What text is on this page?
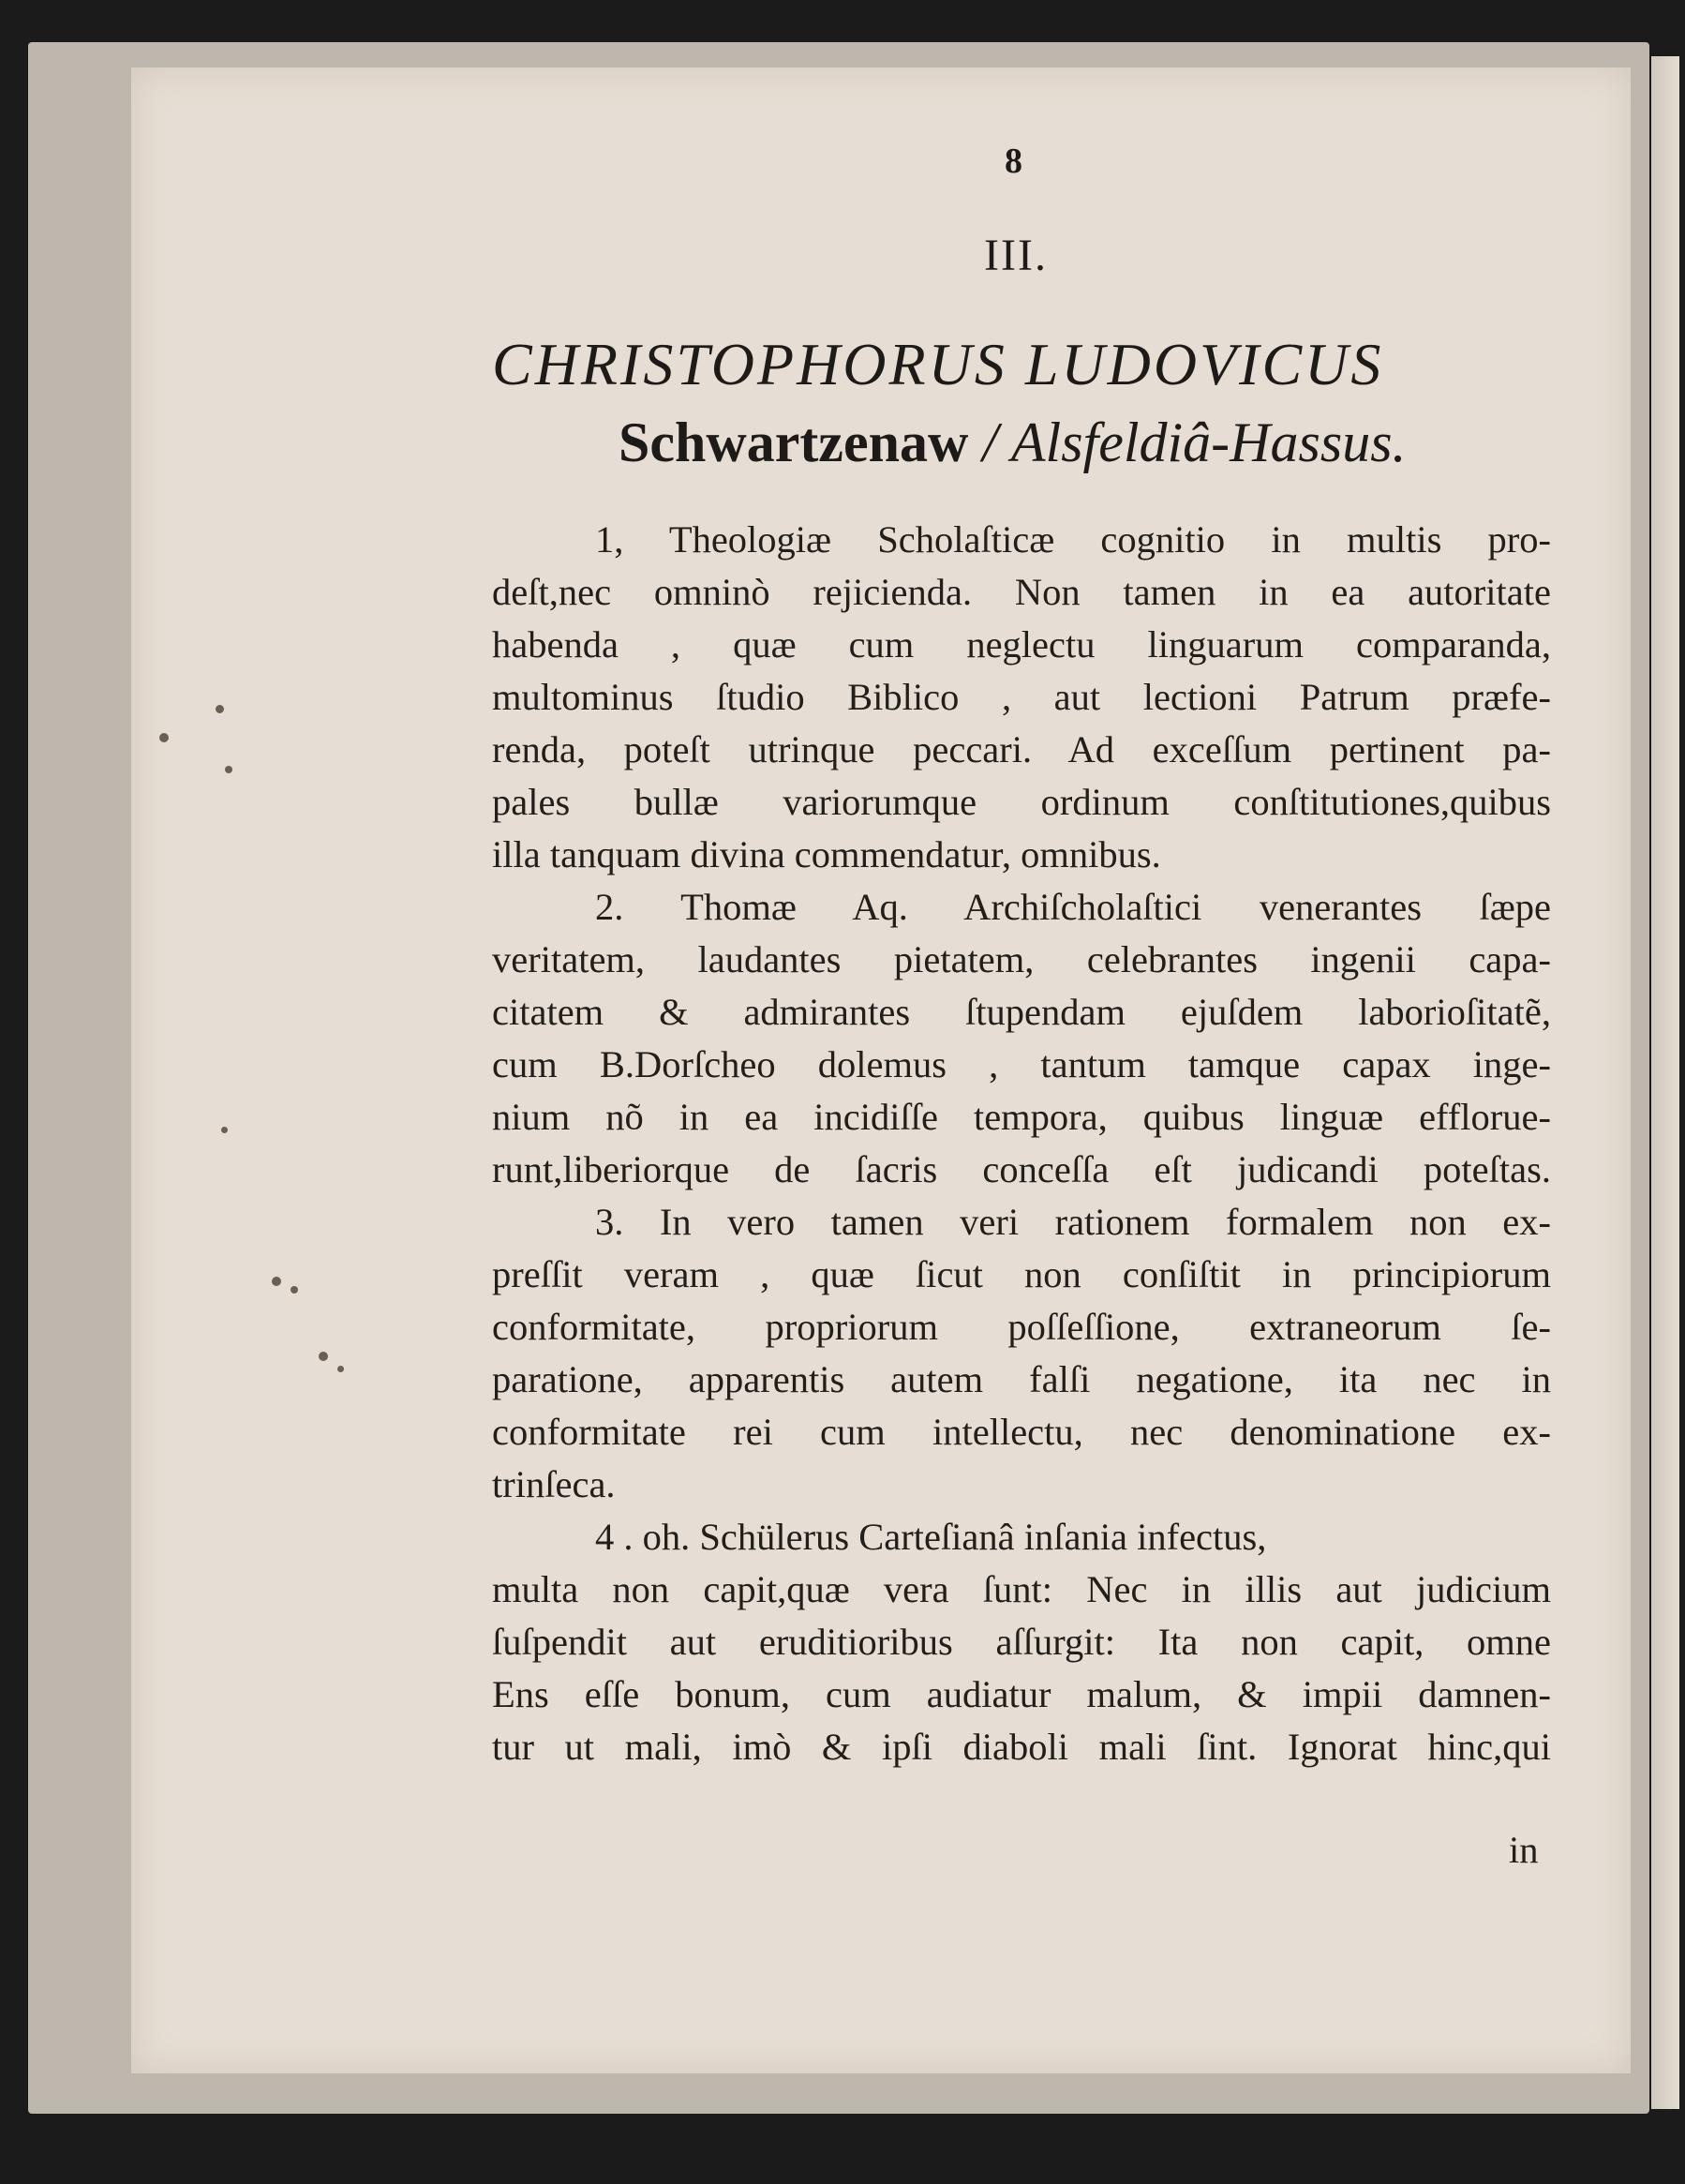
8
III.
CHRISTOPHORUS LUDOVICUS
Schwartzenaw / Alsfeldiâ-Hassus.
1, Theologiæ Scholaſticæ cognitio in multis pro-
deſt,nec omninò rejicienda. Non tamen in ea autoritate
habenda , quæ cum neglectu linguarum comparanda,
multominus ſtudio Biblico , aut lectioni Patrum præfe-
renda, poteſt utrinque peccari. Ad exceſſum pertinent pa-
pales bullæ variorumque ordinum conſtitutiones,quibus
illa tanquam divina commendatur, omnibus.
2. Thomæ Aq. Archiſcholaſtici venerantes ſæpe
veritatem, laudantes pietatem, celebrantes ingenii capa-
citatem & admirantes ſtupendam ejuſdem laborioſitatẽ,
cum B.Dorſcheo dolemus , tantum tamque capax inge-
nium nõ in ea incidiſſe tempora, quibus linguæ efflorue-
runt,liberiorque de ſacris conceſſa eſt judicandi poteſtas.
3. In vero tamen veri rationem formalem non ex-
preſſit veram , quæ ſicut non conſiſtit in principiorum
conformitate, propriorum poſſeſſione, extraneorum ſe-
paratione, apparentis autem falſi negatione, ita nec in
conformitate rei cum intellectu, nec denominatione ex-
trinſeca.
4 . oh. Schülerus Carteſianâ inſania infectus,
multa non capit,quæ vera ſunt: Nec in illis aut judicium
ſuſpendit aut eruditioribus aſſurgit: Ita non capit, omne
Ens eſſe bonum, cum audiatur malum, & impii damnen-
tur ut mali, imò & ipſi diaboli mali ſint. Ignorat hinc,qui
in
